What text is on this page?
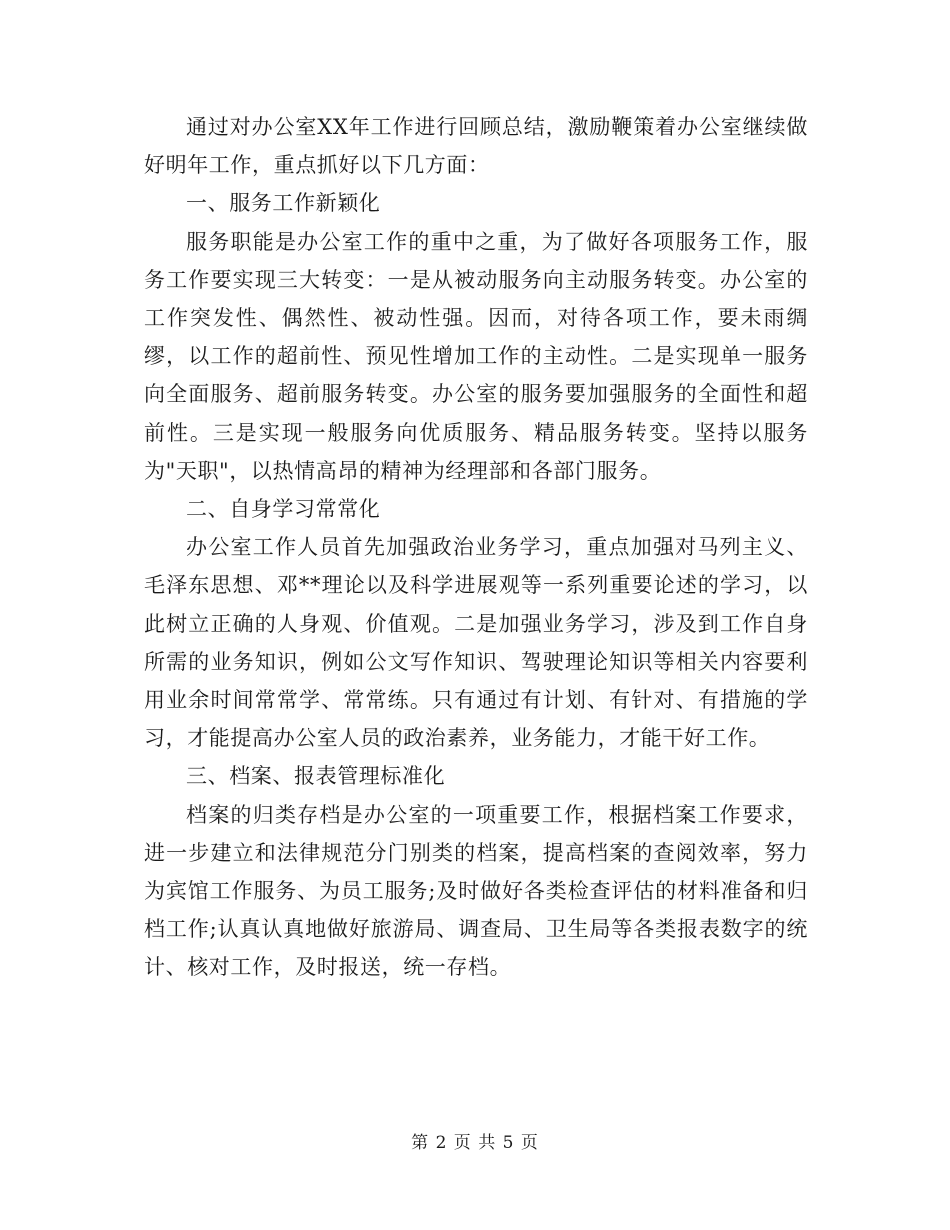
通过对办公室XX年工作进行回顾总结，激励鞭策着办公室继续做好明年工作，重点抓好以下几方面：

一、服务工作新颖化

服务职能是办公室工作的重中之重，为了做好各项服务工作，服务工作要实现三大转变：一是从被动服务向主动服务转变。办公室的工作突发性、偶然性、被动性强。因而，对待各项工作，要未雨绸缪，以工作的超前性、预见性增加工作的主动性。二是实现单一服务向全面服务、超前服务转变。办公室的服务要加强服务的全面性和超前性。三是实现一般服务向优质服务、精品服务转变。坚持以服务为"天职"，以热情高昂的精神为经理部和各部门服务。

二、自身学习常常化

办公室工作人员首先加强政治业务学习，重点加强对马列主义、毛泽东思想、邓**理论以及科学进展观等一系列重要论述的学习，以此树立正确的人身观、价值观。二是加强业务学习，涉及到工作自身所需的业务知识，例如公文写作知识、驾驶理论知识等相关内容要利用业余时间常常学、常常练。只有通过有计划、有针对、有措施的学习，才能提高办公室人员的政治素养，业务能力，才能干好工作。

三、档案、报表管理标准化

档案的归类存档是办公室的一项重要工作，根据档案工作要求，进一步建立和法律规范分门别类的档案，提高档案的查阅效率，努力为宾馆工作服务、为员工服务;及时做好各类检查评估的材料准备和归档工作;认真认真地做好旅游局、调查局、卫生局等各类报表数字的统计、核对工作，及时报送，统一存档。

第 2 页 共 5 页
